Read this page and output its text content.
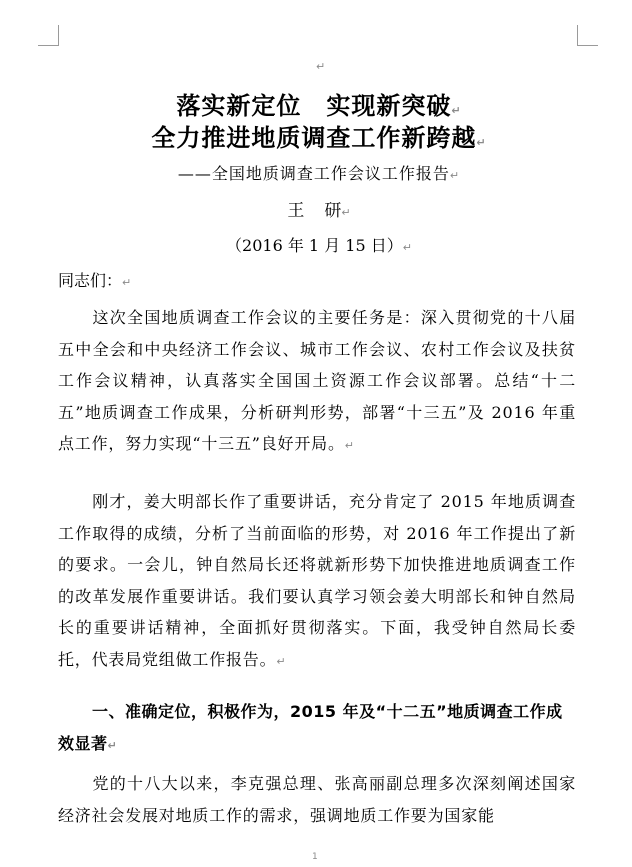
↵
落实新定位　实现新突破↵
全力推进地质调查工作新跨越↵
——全国地质调查工作会议工作报告↵
王 研↵
（2016 年 1 月 15 日）↵
同志们：↵
这次全国地质调查工作会议的主要任务是：深入贯彻党的十八届五中全会和中央经济工作会议、城市工作会议、农村工作会议及扶贫工作会议精神，认真落实全国国土资源工作会议部署。总结“十二五”地质调查工作成果，分析研判形势，部署“十三五”及 2016 年重点工作，努力实现“十三五”良好开局。↵
刚才，姜大明部长作了重要讲话，充分肯定了 2015 年地质调查工作取得的成绩，分析了当前面临的形势，对 2016 年工作提出了新的要求。一会儿，钟自然局长还将就新形势下加快推进地质调查工作的改革发展作重要讲话。我们要认真学习领会姜大明部长和钟自然局长的重要讲话精神，全面抓好贯彻落实。下面，我受钟自然局长委托，代表局党组做工作报告。↵
一、准确定位，积极作为，2015 年及“十二五”地质调查工作成效显著↵
党的十八大以来，李克强总理、张高丽副总理多次深刻阐述国家经济社会发展对地质工作的需求，强调地质工作要为国家能
1
